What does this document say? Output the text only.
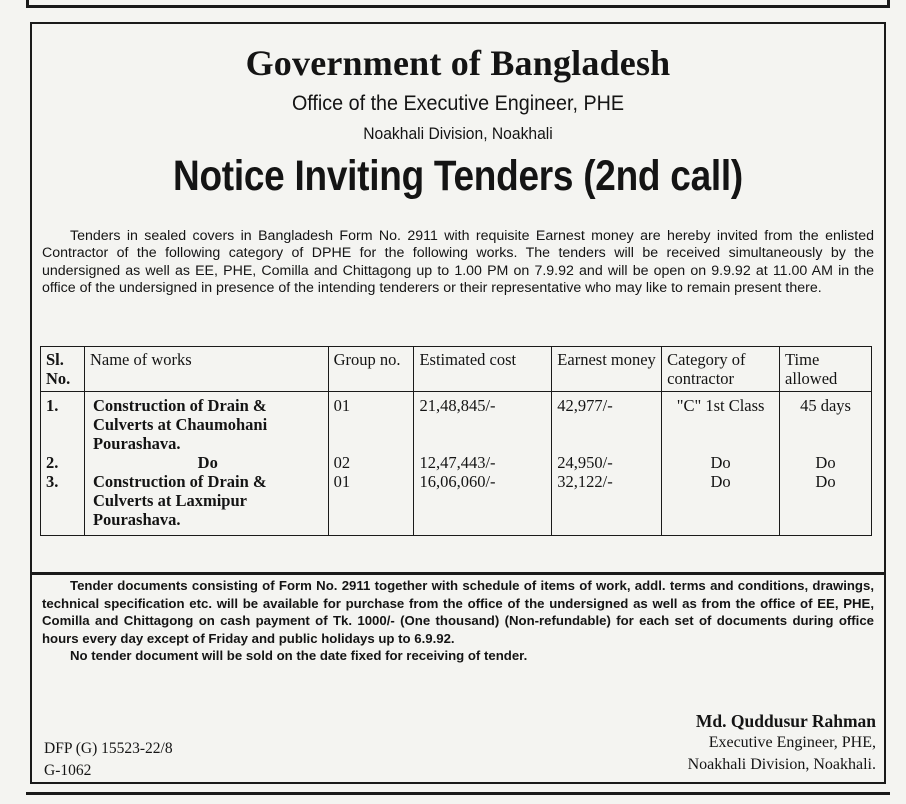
Government of Bangladesh
Office of the Executive Engineer, PHE
Noakhali Division, Noakhali
Notice Inviting Tenders (2nd call)

Tenders in sealed covers in Bangladesh Form No. 2911 with requisite Earnest money are hereby invited from the enlisted Contractor of the following category of DPHE for the following works. The tenders will be received simultaneously by the undersigned as well as EE, PHE, Comilla and Chittagong up to 1.00 PM on 7.9.92 and will be open on 9.9.92 at 11.00 AM in the office of the undersigned in presence of the intending tenderers or their representative who may like to remain present there.

Sl. No.	Name of works	Group no.	Estimated cost	Earnest money	Category of contractor	Time allowed
1.	Construction of Drain & Culverts at Chaumohani Pourashava.	01	21,48,845/-	42,977/-	"C" 1st Class	45 days
2.	Do	02	12,47,443/-	24,950/-	Do	Do
3.	Construction of Drain & Culverts at Laxmipur Pourashava.	01	16,06,060/-	32,122/-	Do	Do
Tender documents consisting of Form No. 2911 together with schedule of items of work, addl. terms and conditions, drawings, technical specification etc. will be available for purchase from the office of the undersigned as well as from the office of EE, PHE, Comilla and Chittagong on cash payment of Tk. 1000/- (One thousand) (Non-refundable) for each set of documents during office hours every day except of Friday and public holidays up to 6.9.92.
No tender document will be sold on the date fixed for receiving of tender.
DFP (G) 15523-22/8
G-1062
Md. Quddusur Rahman
Executive Engineer, PHE,
Noakhali Division, Noakhali.
